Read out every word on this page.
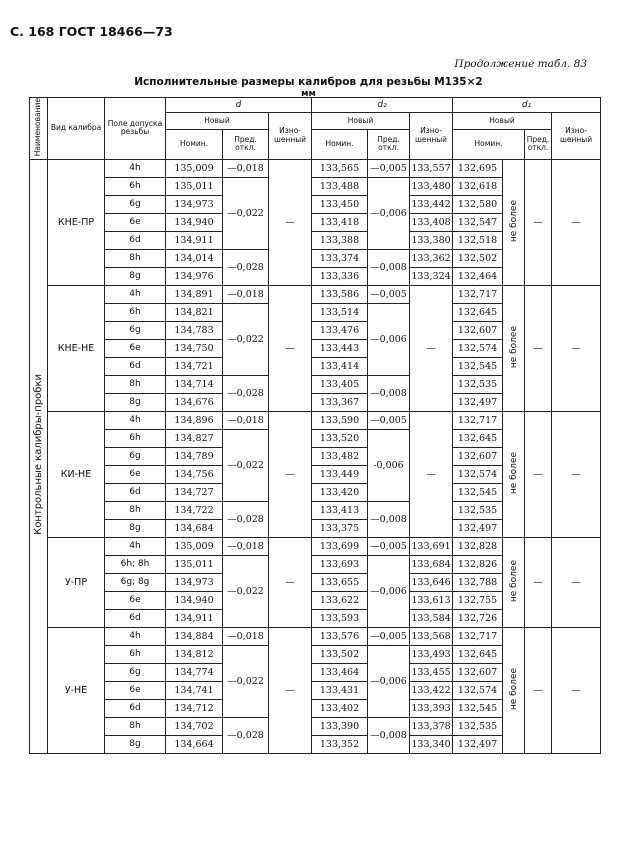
С. 168 ГОСТ 18466—73
Продолжение табл. 83
Исполнительные размеры калибров для резьбы М135×2
мм
Наименование	Вид калибра	Поле допуска резьбы	d			d₂			d₁			
			Новый		Изно- шенный	Новый		Изно- шенный	Новый			Изно- шенный
			Номин.	Пред. откл.		Номин.	Пред. откл.		Номин.		Пред. откл.	
Контрольные калибры-пробки	КНЕ-ПР	4h	135,009	—0,018	—	133,565	—0,005	133,557	132,695	не более	—	—
		6h	135,011	—0,022		133,488	—0,006	133,480	132,618			
		6g	134,973			133,450		133,442	132,580			
		6e	134,940			133,418		133,408	132,547			
		6d	134,911			133,388		133,380	132,518			
		8h	134,014	—0,028		133,374	—0,008	133,362	132,502			
		8g	134,976			133,336		133,324	132,464			
	КНЕ-НЕ	4h	134,891	—0,018	—	133,586	—0,005	—	132,717	не более	—	—
		6h	134,821	—0,022		133,514	—0,006		132,645			
		6g	134,783			133,476			132,607			
		6e	134,750			133,443			132,574			
		6d	134,721			133,414			132,545			
		8h	134,714	—0,028		133,405	—0,008		132,535			
		8g	134,676			133,367			132,497			
	КИ-НЕ	4h	134,896	—0,018	—	133,590	—0,005	—	132,717	не более	—	—
		6h	134,827	—0,022		133,520	-0,006		132,645			
		6g	134,789			133,482			132,607			
		6e	134,756			133,449			132,574			
		6d	134,727			133,420			132,545			
		8h	134,722	—0,028		133,413	—0,008		132,535			
		8g	134,684			133,375			132,497			
	У-ПР	4h	135,009	—0,018	—	133,699	—0,005	133,691	132,828	не более	—	—
		6h; 8h	135,011	—0,022		133,693	—0,006	133,684	132,826			
		6g; 8g	134,973			133,655		133,646	132,788			
		6e	134,940			133,622		133,613	132,755			
		6d	134,911			133,593		133,584	132,726			
	У-НЕ	4h	134,884	—0,018	—	133,576	—0,005	133,568	132,717	не более	—	—
		6h	134,812	—0,022		133,502	—0,006	133,493	132,645			
		6g	134,774			133,464		133,455	132,607			
		6e	134,741			133,431		133,422	132,574			
		6d	134,712			133,402		133,393	132,545			
		8h	134,702	—0,028		133,390	—0,008	133,378	132,535			
		8g	134,664			133,352		133,340	132,497			
